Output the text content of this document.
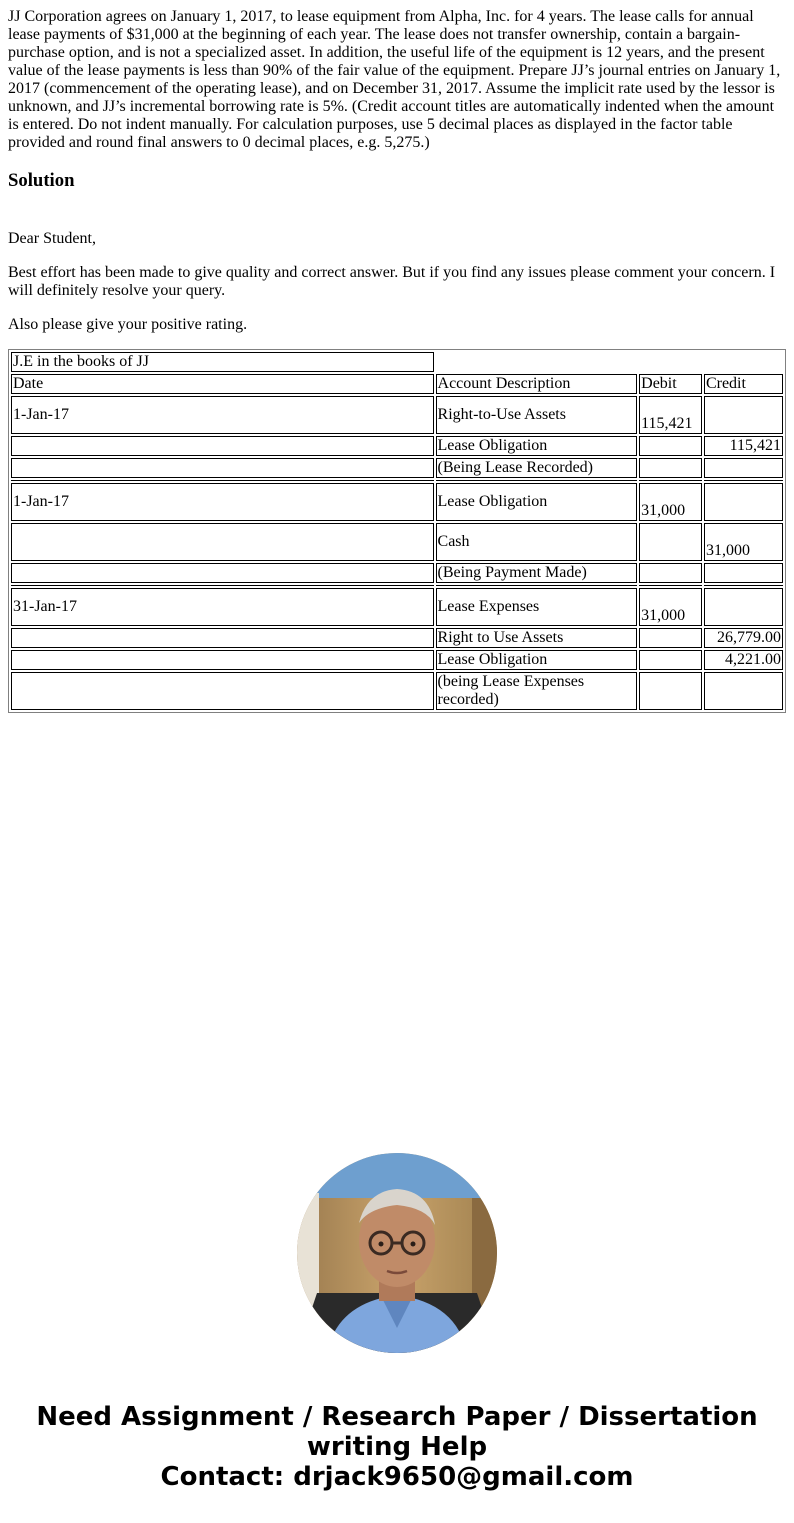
JJ Corporation agrees on January 1, 2017, to lease equipment from Alpha, Inc. for 4 years. The lease calls for annual lease payments of $31,000 at the beginning of each year. The lease does not transfer ownership, contain a bargain-purchase option, and is not a specialized asset. In addition, the useful life of the equipment is 12 years, and the present value of the lease payments is less than 90% of the fair value of the equipment. Prepare JJ’s journal entries on January 1, 2017 (commencement of the operating lease), and on December 31, 2017. Assume the implicit rate used by the lessor is unknown, and JJ’s incremental borrowing rate is 5%. (Credit account titles are automatically indented when the amount is entered. Do not indent manually. For calculation purposes, use 5 decimal places as displayed in the factor table provided and round final answers to 0 decimal places, e.g. 5,275.)

Solution

Dear Student,

Best effort has been made to give quality and correct answer. But if you find any issues please comment your concern. I will definitely resolve your query.

Also please give your positive rating.

J.E in the books of JJ			
Date	Account Description	Debit	Credit
1-Jan-17	Right-to-Use Assets	115,421	
	Lease Obligation		115,421
	(Being Lease Recorded)		

1-Jan-17	Lease Obligation	31,000	
	Cash		31,000
	(Being Payment Made)		

31-Jan-17	Lease Expenses	31,000	
	Right to Use Assets		26,779.00
	Lease Obligation		4,221.00
	(being Lease Expenses recorded)		
Need Assignment / Research Paper / Dissertation
writing Help
Contact: drjack9650@gmail.com
